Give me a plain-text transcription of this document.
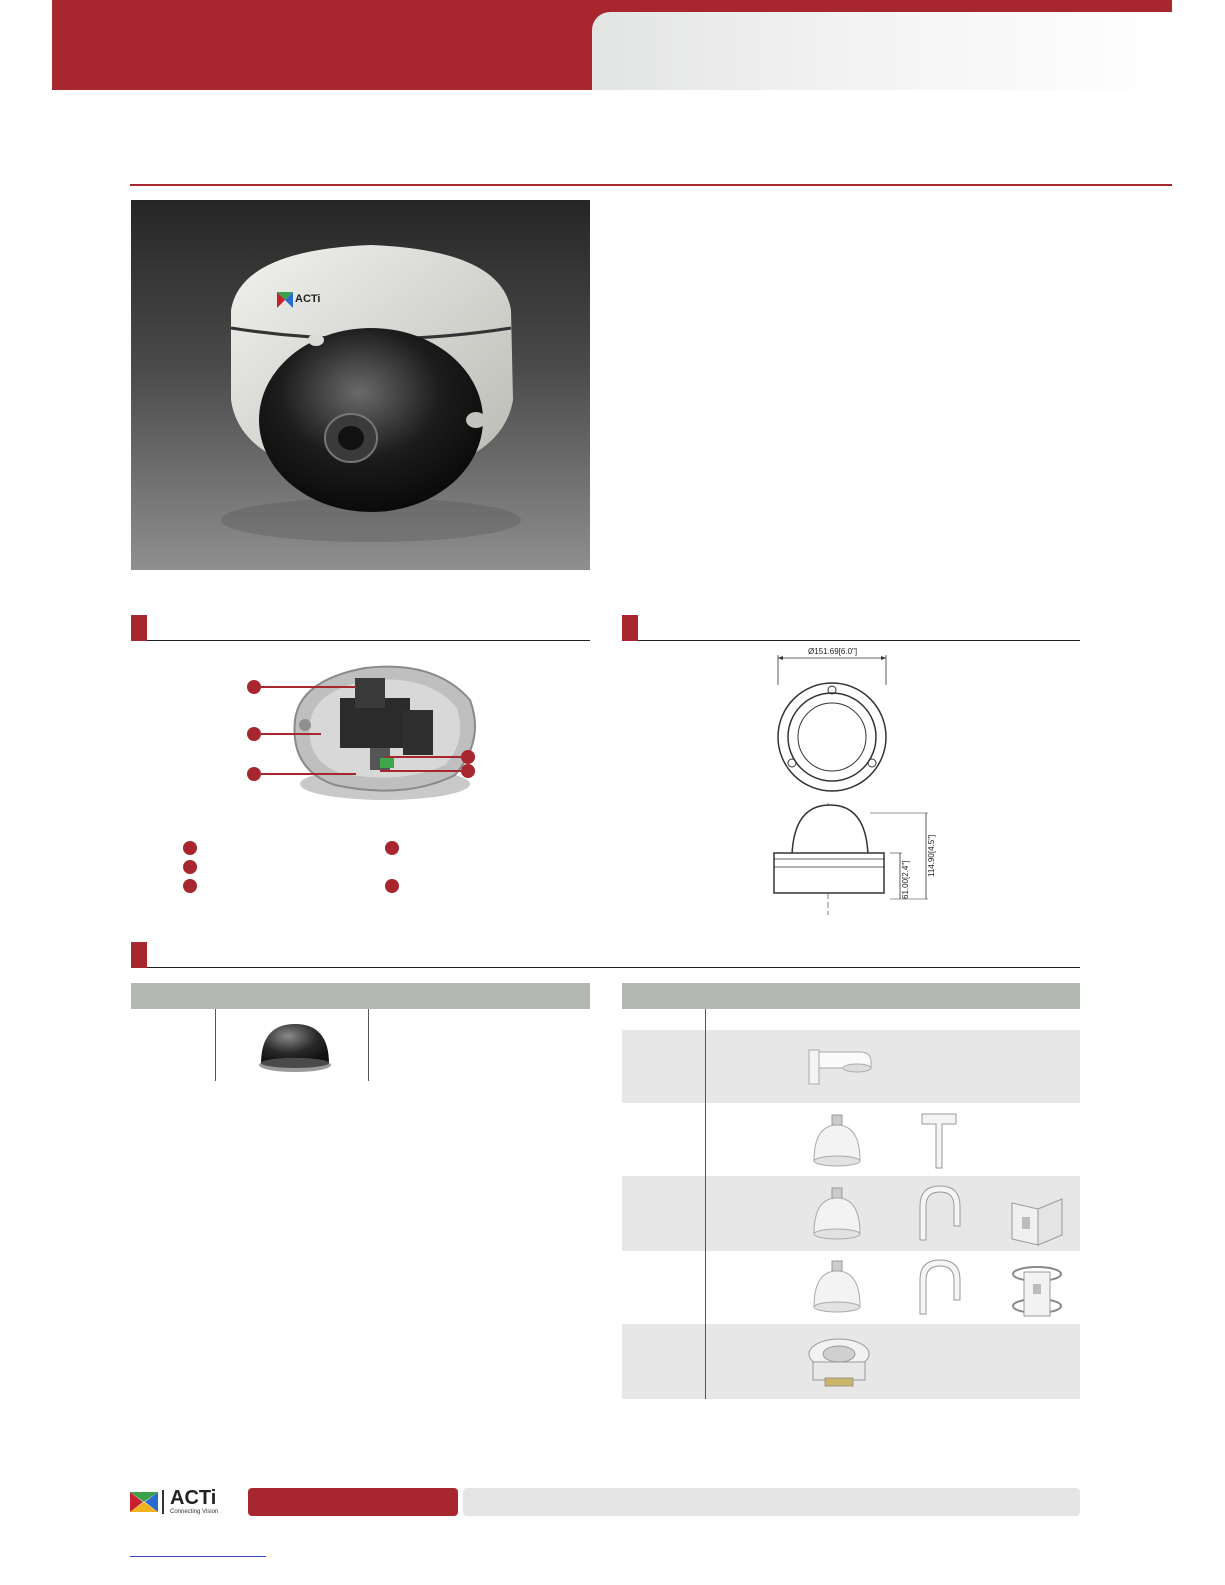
ACTi
Ø151.69[6.0"]
61.00[2.4"]
114.90[4.5"]
ACTi
Connecting Vision
